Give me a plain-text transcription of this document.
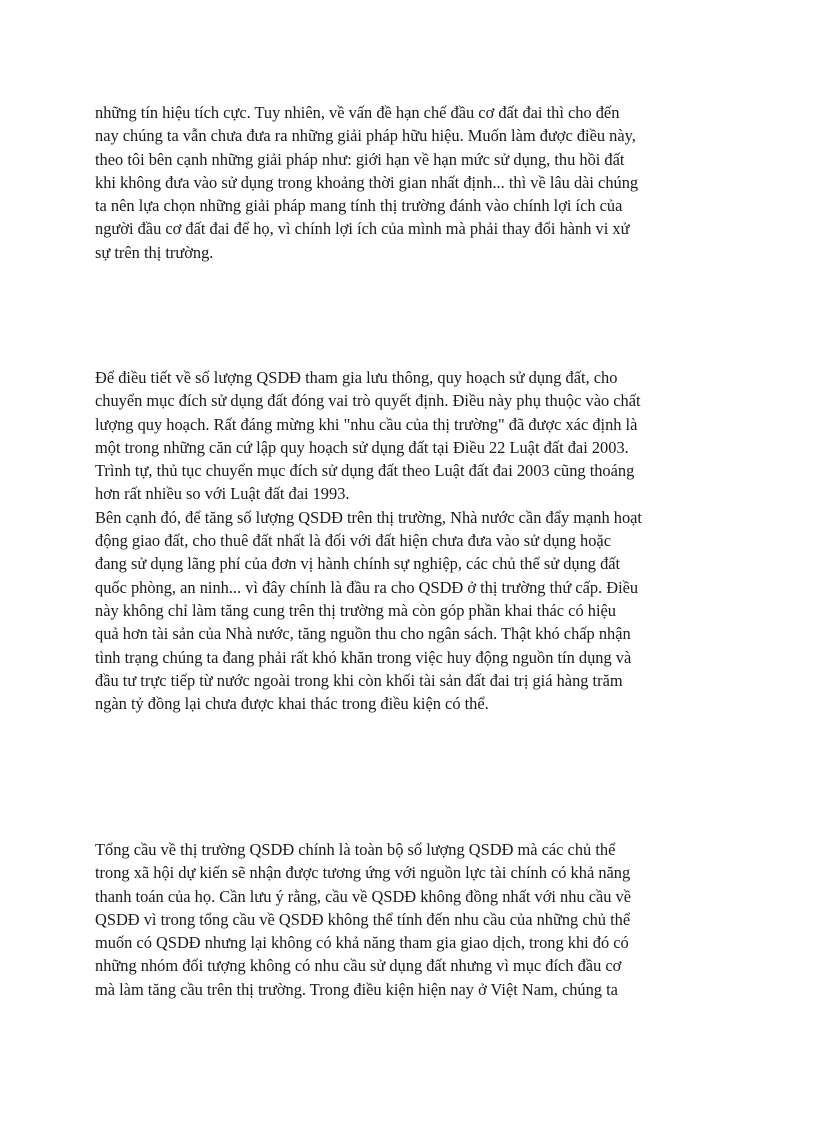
những tín hiệu tích cực. Tuy nhiên, về vấn đề hạn chế đầu cơ đất đai thì cho đến
nay chúng ta vẫn chưa đưa ra những giải pháp hữu hiệu. Muốn làm được điều này,
theo tôi bên cạnh những giải pháp như: giới hạn về hạn mức sử dụng, thu hồi đất
khi không đưa vào sử dụng trong khoảng thời gian nhất định... thì về lâu dài chúng
ta nên lựa chọn những giải pháp mang tính thị trường đánh vào chính lợi ích của
người đầu cơ đất đai để họ, vì chính lợi ích của mình mà phải thay đổi hành vi xử
sự trên thị trường.
Để điều tiết về số lượng QSDĐ tham gia lưu thông, quy hoạch sử dụng đất, cho
chuyển mục đích sử dụng đất đóng vai trò quyết định. Điều này phụ thuộc vào chất
lượng quy hoạch. Rất đáng mừng khi "nhu cầu của thị trường" đã được xác định là
một trong những căn cứ lập quy hoạch sử dụng đất tại Điều 22 Luật đất đai 2003.
Trình tự, thủ tục chuyển mục đích sử dụng đất theo Luật đất đai 2003 cũng thoáng
hơn rất nhiều so với Luật đất đai 1993.
Bên cạnh đó, để tăng số lượng QSDĐ trên thị trường, Nhà nước cần đẩy mạnh hoạt
động giao đất, cho thuê đất nhất là đối với đất hiện chưa đưa vào sử dụng hoặc
đang sử dụng lãng phí của đơn vị hành chính sự nghiệp, các chủ thể sử dụng đất
quốc phòng, an ninh... vì đây chính là đầu ra cho QSDĐ ở thị trường thứ cấp. Điều
này không chỉ làm tăng cung trên thị trường mà còn góp phần khai thác có hiệu
quả hơn tài sản của Nhà nước, tăng nguồn thu cho ngân sách. Thật khó chấp nhận
tình trạng chúng ta đang phải rất khó khăn trong việc huy động nguồn tín dụng và
đầu tư trực tiếp từ nước ngoài trong khi còn khối tài sản đất đai trị giá hàng trăm
ngàn tỷ đồng lại chưa được khai thác trong điều kiện có thể.
Tổng cầu về thị trường QSDĐ chính là toàn bộ số lượng QSDĐ mà các chủ thể
trong xã hội dự kiến sẽ nhận được tương ứng với nguồn lực tài chính có khả năng
thanh toán của họ. Cần lưu ý rằng, cầu về QSDĐ không đồng nhất với nhu cầu về
QSDĐ vì trong tổng cầu về QSDĐ không thể tính đến nhu cầu của những chủ thể
muốn có QSDĐ nhưng lại không có khả năng tham gia giao dịch, trong khi đó có
những nhóm đối tượng không có nhu cầu sử dụng đất nhưng vì mục đích đầu cơ
mà làm tăng cầu trên thị trường. Trong điều kiện hiện nay ở Việt Nam, chúng ta
